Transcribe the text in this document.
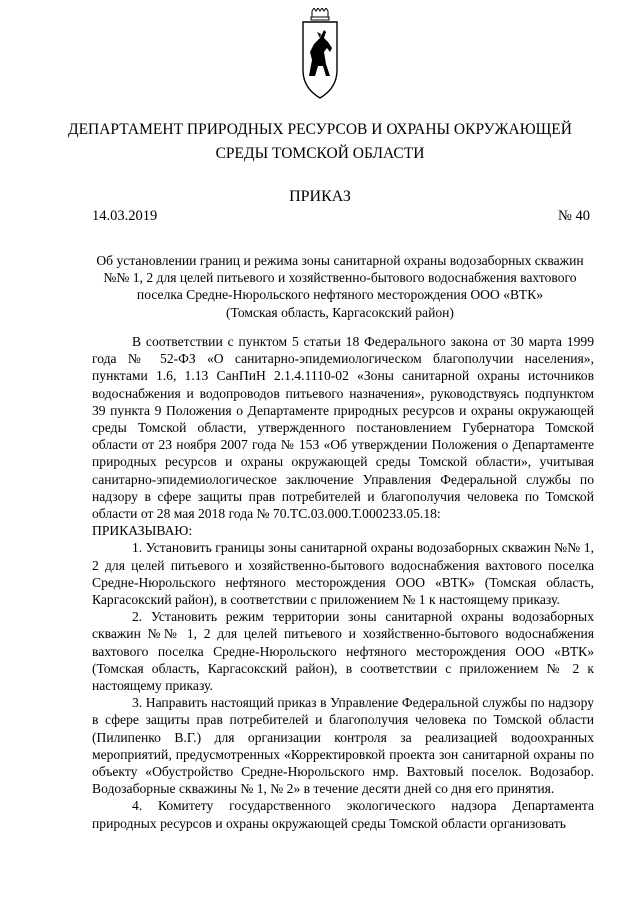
ДЕПАРТАМЕНТ ПРИРОДНЫХ РЕСУРСОВ И ОХРАНЫ ОКРУЖАЮЩЕЙ
СРЕДЫ ТОМСКОЙ ОБЛАСТИ
ПРИКАЗ
14.03.2019	№ 40
Об установлении границ и режима зоны санитарной охраны водозаборных скважин
№№ 1, 2 для целей питьевого и хозяйственно-бытового водоснабжения вахтового
поселка Средне-Нюрольского нефтяного месторождения ООО «ВТК»
(Томская область, Каргасокский район)

В соответствии с пунктом 5 статьи 18 Федерального закона от 30 марта 1999 года № 52-ФЗ «О санитарно-эпидемиологическом благополучии населения», пунктами 1.6, 1.13 СанПиН 2.1.4.1110-02 «Зоны санитарной охраны источников водоснабжения и водопроводов питьевого назначения», руководствуясь подпунктом 39 пункта 9 Положения о Департаменте природных ресурсов и охраны окружающей среды Томской области, утвержденного постановлением Губернатора Томской области от 23 ноября 2007 года № 153 «Об утверждении Положения о Департаменте природных ресурсов и охраны окружающей среды Томской области», учитывая санитарно-эпидемиологическое заключение Управления Федеральной службы по надзору в сфере защиты прав потребителей и благополучия человека по Томской области от 28 мая 2018 года № 70.TC.03.000.T.000233.05.18:

ПРИКАЗЫВАЮ:

1. Установить границы зоны санитарной охраны водозаборных скважин №№ 1, 2 для целей питьевого и хозяйственно-бытового водоснабжения вахтового поселка Средне-Нюрольского нефтяного месторождения ООО «ВТК» (Томская область, Каргасокский район), в соответствии с приложением № 1 к настоящему приказу.

2. Установить режим территории зоны санитарной охраны водозаборных скважин №№ 1, 2 для целей питьевого и хозяйственно-бытового водоснабжения вахтового поселка Средне-Нюрольского нефтяного месторождения ООО «ВТК» (Томская область, Каргасокский район), в соответствии с приложением № 2 к настоящему приказу.

3. Направить настоящий приказ в Управление Федеральной службы по надзору в сфере защиты прав потребителей и благополучия человека по Томской области (Пилипенко В.Г.) для организации контроля за реализацией водоохранных мероприятий, предусмотренных «Корректировкой проекта зон санитарной охраны по объекту «Обустройство Средне-Нюрольского нмр. Вахтовый поселок. Водозабор. Водозаборные скважины № 1, № 2» в течение десяти дней со дня его принятия.

4. Комитету государственного экологического надзора Департамента природных ресурсов и охраны окружающей среды Томской области организовать
